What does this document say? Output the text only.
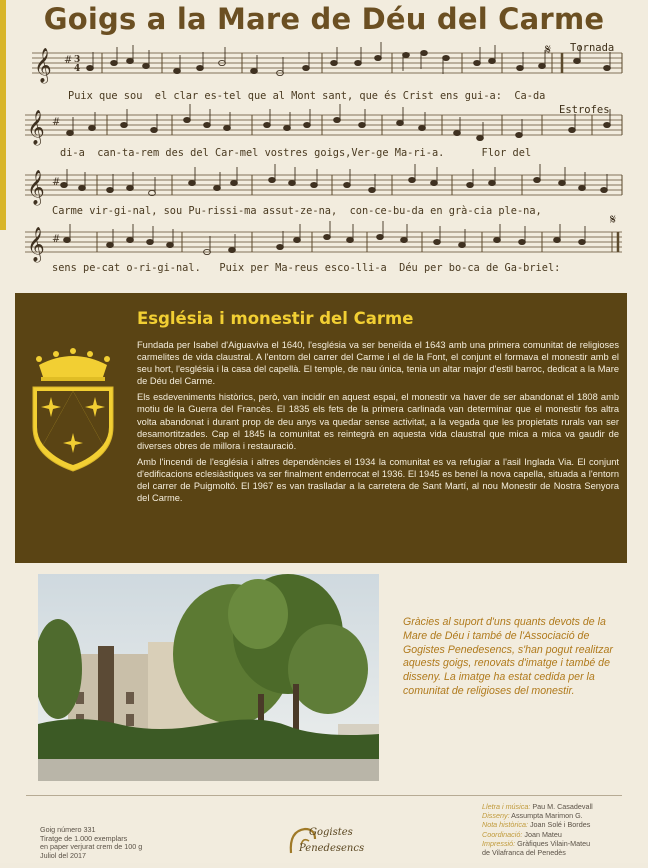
Goigs a la Mare de Déu del Carme
𝄞
𝄞
𝄞
𝄞
# 3
4
#
#
#
𝄋
𝄋
Tornada
Estrofes
Puix que sou  el clar es-tel que al Mont sant, que és Crist ens gui-a:  Ca-da
di-a  can-ta-rem des del Car-mel vostres goigs,Ver-ge Ma-ri-a.      Flor del
Carme vir-gi-nal, sou Pu-rissi-ma assut-ze-na,  con-ce-bu-da en grà-cia ple-na,
sens pe-cat o-ri-gi-nal.   Puix per Ma-reus esco-lli-a  Déu per bo-ca de Ga-briel:
Església i monestir del Carme

Fundada per Isabel d'Aiguaviva el 1640, l'església va ser beneïda el 1643 amb una primera comunitat de religioses carmelites de vida claustral. A l'entorn del carrer del Carme i el de la Font, el conjunt el formava el monestir amb el seu hort, l'església i la casa del capellà. El temple, de nau única, tenia un altar major d'estil barroc, dedicat a la Mare de Déu del Carme.

Els esdeveniments històrics, però, van incidir en aquest espai, el monestir va haver de ser abandonat el 1808 amb motiu de la Guerra del Francès. El 1835 els fets de la primera carlinada van determinar que el monestir fos altra volta abandonat i durant prop de deu anys va quedar sense activitat, a la vegada que les propietats rurals van ser desamortitzades. Cap el 1845 la comunitat es reintegrà en aquesta vida claustral que mica a mica va gaudir de diverses obres de millora i restauració.

Amb l'incendi de l'església i altres dependències el 1934 la comunitat es va refugiar a l'asil Inglada Via. El conjunt d'edificacions eclesiàstiques va ser finalment enderrocat el 1936. El 1945 es beneí la nova capella, situada a l'entorn del carrer de Puigmoltó. El 1967 es van traslladar a la carretera de Sant Martí, al nou Monestir de Nostra Senyora del Carme.

Gràcies al suport d'uns quants devots de la Mare de Déu i també de l'Associació de Gogistes Penedesencs, s'han pogut realitzar aquests goigs, renovats d'imatge i també de disseny. La imatge ha estat cedida per la comunitat de religioses del monestir.
Goig número 331
Tiratge de 1.000 exemplars
en paper verjurat crem de 100 g
Juliol del 2017
Gogistes
Penedesencs
Lletra i música: Pau M. Casadevall
Disseny: Assumpta Marimon G.
Nota històrica: Joan Solé i Bordes
Coordinació: Joan Mateu
Impressió: Gràfiques Vilain-Mateu
de Vilafranca del Penedès
